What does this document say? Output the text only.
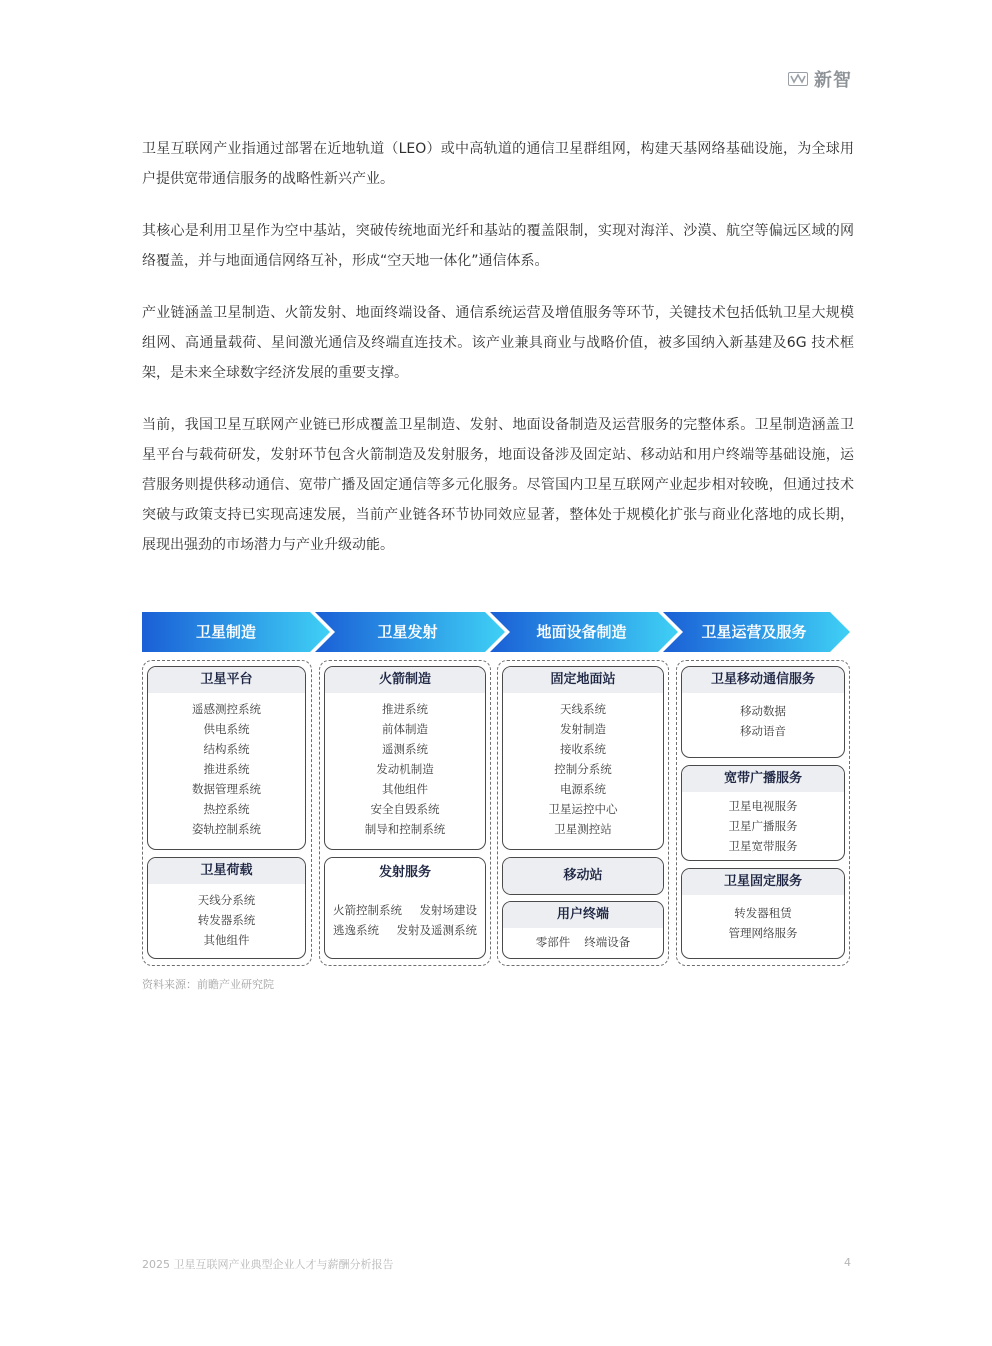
新智

卫星互联网产业指通过部署在近地轨道（LEO）或中高轨道的通信卫星群组网，构建天基网络基础设施，为全球用户提供宽带通信服务的战略性新兴产业。

其核心是利用卫星作为空中基站，突破传统地面光纤和基站的覆盖限制，实现对海洋、沙漠、航空等偏远区域的网络覆盖，并与地面通信网络互补，形成“空天地一体化”通信体系。

产业链涵盖卫星制造、火箭发射、地面终端设备、通信系统运营及增值服务等环节，关键技术包括低轨卫星大规模组网、高通量载荷、星间激光通信及终端直连技术。该产业兼具商业与战略价值，被多国纳入新基建及6G 技术框架，是未来全球数字经济发展的重要支撑。

当前，我国卫星互联网产业链已形成覆盖卫星制造、发射、地面设备制造及运营服务的完整体系。卫星制造涵盖卫星平台与载荷研发，发射环节包含火箭制造及发射服务，地面设备涉及固定站、移动站和用户终端等基础设施，运营服务则提供移动通信、宽带广播及固定通信等多元化服务。尽管国内卫星互联网产业起步相对较晚，但通过技术突破与政策支持已实现高速发展，当前产业链各环节协同效应显著，整体处于规模化扩张与商业化落地的成长期，展现出强劲的市场潜力与产业升级动能。

卫星制造	卫星发射	地面设备制造	卫星运营及服务
卫星平台
遥感测控系统
供电系统
结构系统
推进系统
数据管理系统
热控系统
姿轨控制系统
卫星荷载
天线分系统
转发器系统
其他组件
火箭制造
推进系统
前体制造
遥测系统
发动机制造
其他组件
安全自毁系统
制导和控制系统
发射服务
火箭控制系统 发射场建设
逃逸系统 发射及遥测系统
固定地面站
天线系统
发射制造
接收系统
控制分系统
电源系统
卫星运控中心
卫星测控站
移动站
用户终端
零部件 终端设备
卫星移动通信服务
移动数据
移动语音
宽带广播服务
卫星电视服务
卫星广播服务
卫星宽带服务
卫星固定服务
转发器租赁
管理网络服务
资料来源：前瞻产业研究院
2025 卫星互联网产业典型企业人才与薪酬分析报告	4
